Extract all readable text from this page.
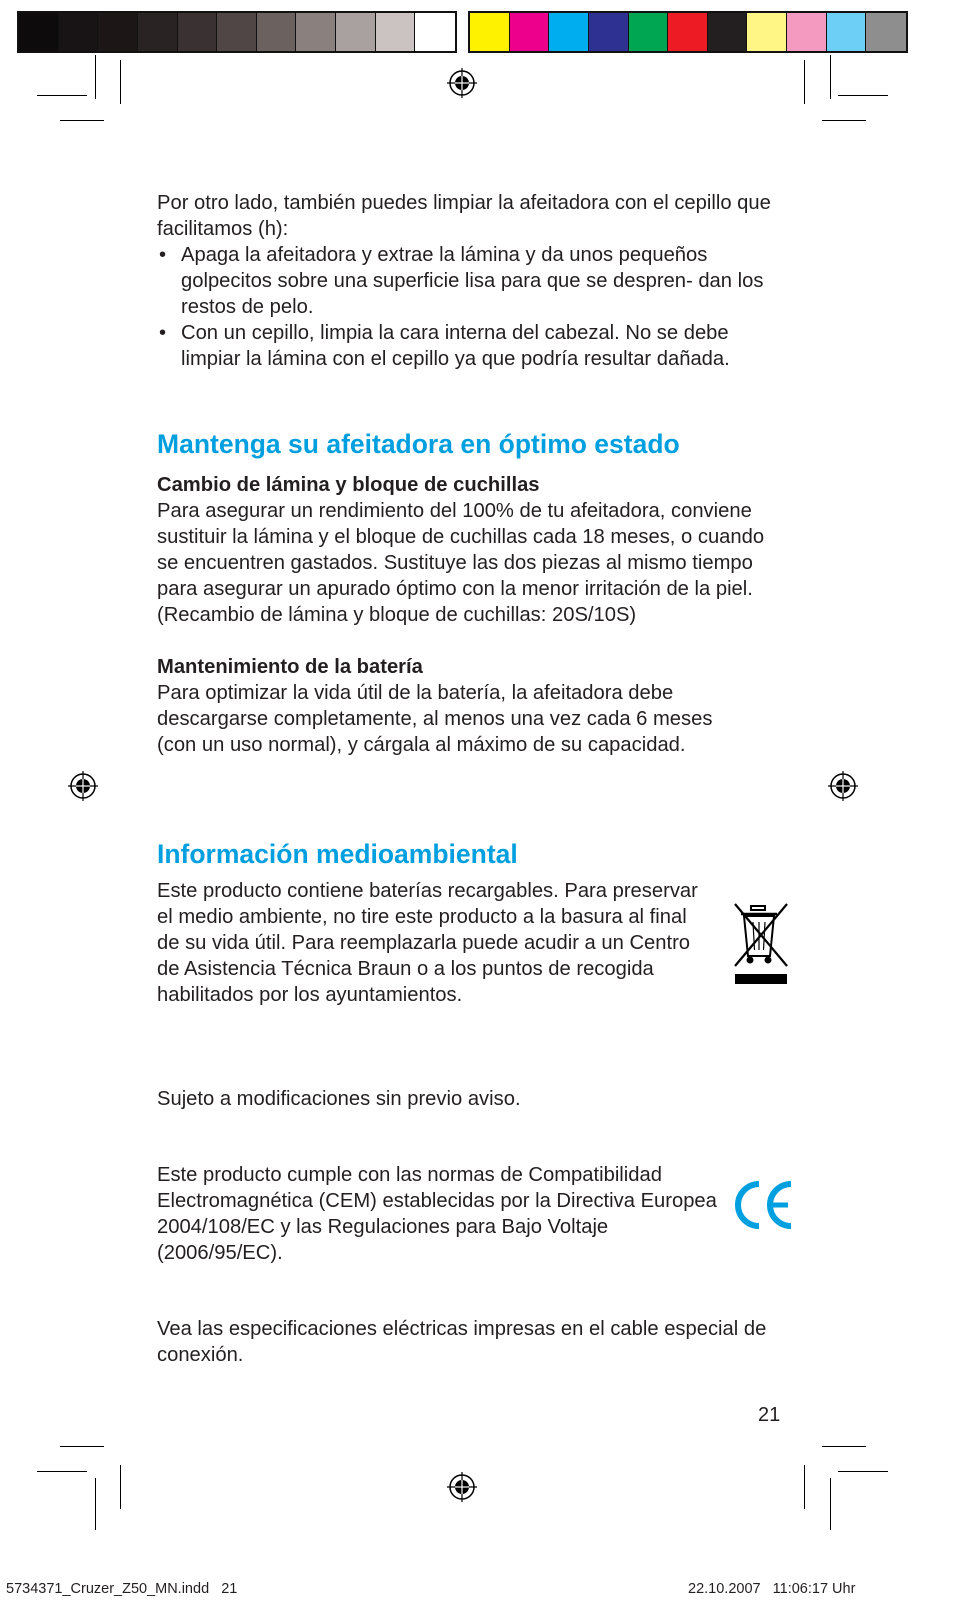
Por otro lado, también puedes limpiar la afeitadora con el cepillo que facilitamos (h):

• Apaga la afeitadora y extrae la lámina y da unos pequeños golpecitos sobre una superficie lisa para que se despren- dan los restos de pelo.
• Con un cepillo, limpia la cara interna del cabezal. No se debe limpiar la lámina con el cepillo ya que podría resultar dañada.
Mantenga su afeitadora en óptimo estado

Cambio de lámina y bloque de cuchillas

Para asegurar un rendimiento del 100% de tu afeitadora, conviene sustituir la lámina y el bloque de cuchillas cada 18 meses, o cuando se encuentren gastados. Sustituye las dos piezas al mismo tiempo para asegurar un apurado óptimo con la menor irritación de la piel.

(Recambio de lámina y bloque de cuchillas: 20S/10S)

Mantenimiento de la batería

Para optimizar la vida útil de la batería, la afeitadora debe descargarse completamente, al menos una vez cada 6 meses (con un uso normal), y cárgala al máximo de su capacidad.

Información medioambiental

Este producto contiene baterías recargables. Para preservar el medio ambiente, no tire este producto a la basura al final de su vida útil. Para reemplazarla puede acudir a un Centro de Asistencia Técnica Braun o a los puntos de recogida habilitados por los ayuntamientos.

Sujeto a modificaciones sin previo aviso.

Este producto cumple con las normas de Compatibilidad Electromagnética (CEM) establecidas por la Directiva Europea 2004/108/EC y las Regulaciones para Bajo Voltaje (2006/95/EC).

Vea las especificaciones eléctricas impresas en el cable especial de conexión.

21

5734371_Cruzer_Z50_MN.indd   21	22.10.2007   11:06:17 Uhr
